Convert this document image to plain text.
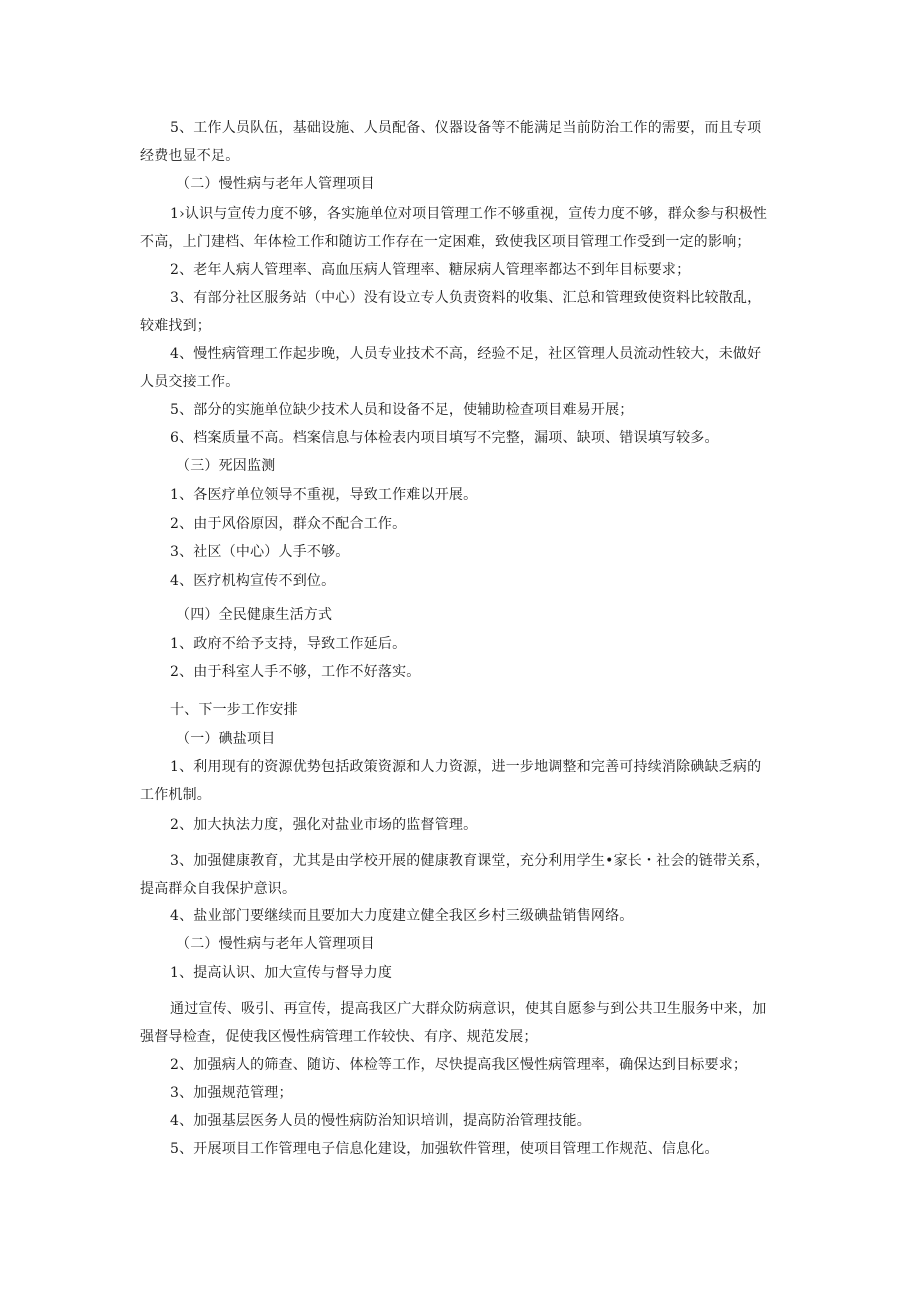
5、工作人员队伍，基础设施、人员配备、仪器设备等不能满足当前防治工作的需要，而且专项
经费也显不足。
（二）慢性病与老年人管理项目
1›认识与宣传力度不够，各实施单位对项目管理工作不够重视，宣传力度不够，群众参与积极性
不高，上门建档、年体检工作和随访工作存在一定困难，致使我区项目管理工作受到一定的影响；
2、老年人病人管理率、高血压病人管理率、糖尿病人管理率都达不到年目标要求；
3、有部分社区服务站（中心）没有设立专人负责资料的收集、汇总和管理致使资料比较散乱，
较难找到；
4、慢性病管理工作起步晚，人员专业技术不高，经验不足，社区管理人员流动性较大，未做好
人员交接工作。
5、部分的实施单位缺少技术人员和设备不足，使辅助检查项目难易开展；
6、档案质量不高。档案信息与体检表内项目填写不完整，漏项、缺项、错误填写较多。
（三）死因监测
1、各医疗单位领导不重视，导致工作难以开展。
2、由于风俗原因，群众不配合工作。
3、社区（中心）人手不够。
4、医疗机构宣传不到位。
（四）全民健康生活方式
1、政府不给予支持，导致工作延后。
2、由于科室人手不够，工作不好落实。
十、下一步工作安排
（一）碘盐项目
1、利用现有的资源优势包括政策资源和人力资源，进一步地调整和完善可持续消除碘缺乏病的
工作机制。
2、加大执法力度，强化对盐业市场的监督管理。
3、加强健康教育，尤其是由学校开展的健康教育课堂，充分利用学生•家长・社会的链带关系，
提高群众自我保护意识。
4、盐业部门要继续而且要加大力度建立健全我区乡村三级碘盐销售网络。
（二）慢性病与老年人管理项目
1、提高认识、加大宣传与督导力度
通过宣传、吸引、再宣传，提高我区广大群众防病意识，使其自愿参与到公共卫生服务中来，加
强督导检查，促使我区慢性病管理工作较快、有序、规范发展；
2、加强病人的筛查、随访、体检等工作，尽快提高我区慢性病管理率，确保达到目标要求；
3、加强规范管理；
4、加强基层医务人员的慢性病防治知识培训，提高防治管理技能。
5、开展项目工作管理电子信息化建设，加强软件管理，使项目管理工作规范、信息化。
